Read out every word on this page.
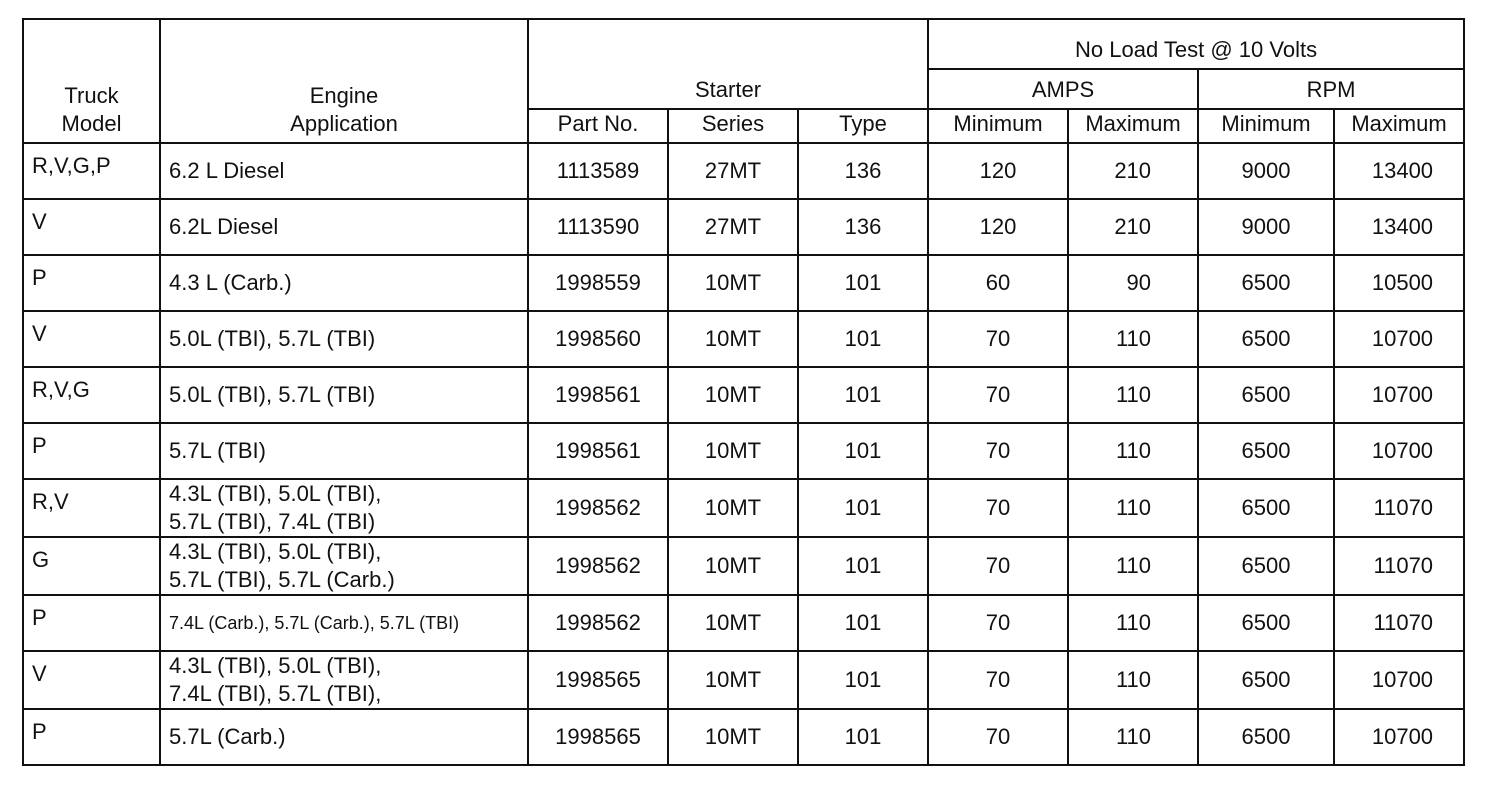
Truck
Model	Engine
Application	Starter			No Load Test @ 10 Volts			
					AMPS		RPM	
		Part No.	Series	Type	Minimum	Maximum	Minimum	Maximum
R,V,G,P	6.2 L Diesel	1113589	27MT	136	120	210	9000	13400
V	6.2L Diesel	1113590	27MT	136	120	210	9000	13400
P	4.3 L (Carb.)	1998559	10MT	101	60	90	6500	10500
V	5.0L (TBI), 5.7L (TBI)	1998560	10MT	101	70	110	6500	10700
R,V,G	5.0L (TBI), 5.7L (TBI)	1998561	10MT	101	70	110	6500	10700
P	5.7L (TBI)	1998561	10MT	101	70	110	6500	10700
R,V	4.3L (TBI), 5.0L (TBI),
5.7L (TBI), 7.4L (TBI)	1998562	10MT	101	70	110	6500	11070
G	4.3L (TBI), 5.0L (TBI),
5.7L (TBI), 5.7L (Carb.)	1998562	10MT	101	70	110	6500	11070
P	7.4L (Carb.), 5.7L (Carb.), 5.7L (TBI)	1998562	10MT	101	70	110	6500	11070
V	4.3L (TBI), 5.0L (TBI),
7.4L (TBI), 5.7L (TBI),	1998565	10MT	101	70	110	6500	10700
P	5.7L (Carb.)	1998565	10MT	101	70	110	6500	10700
